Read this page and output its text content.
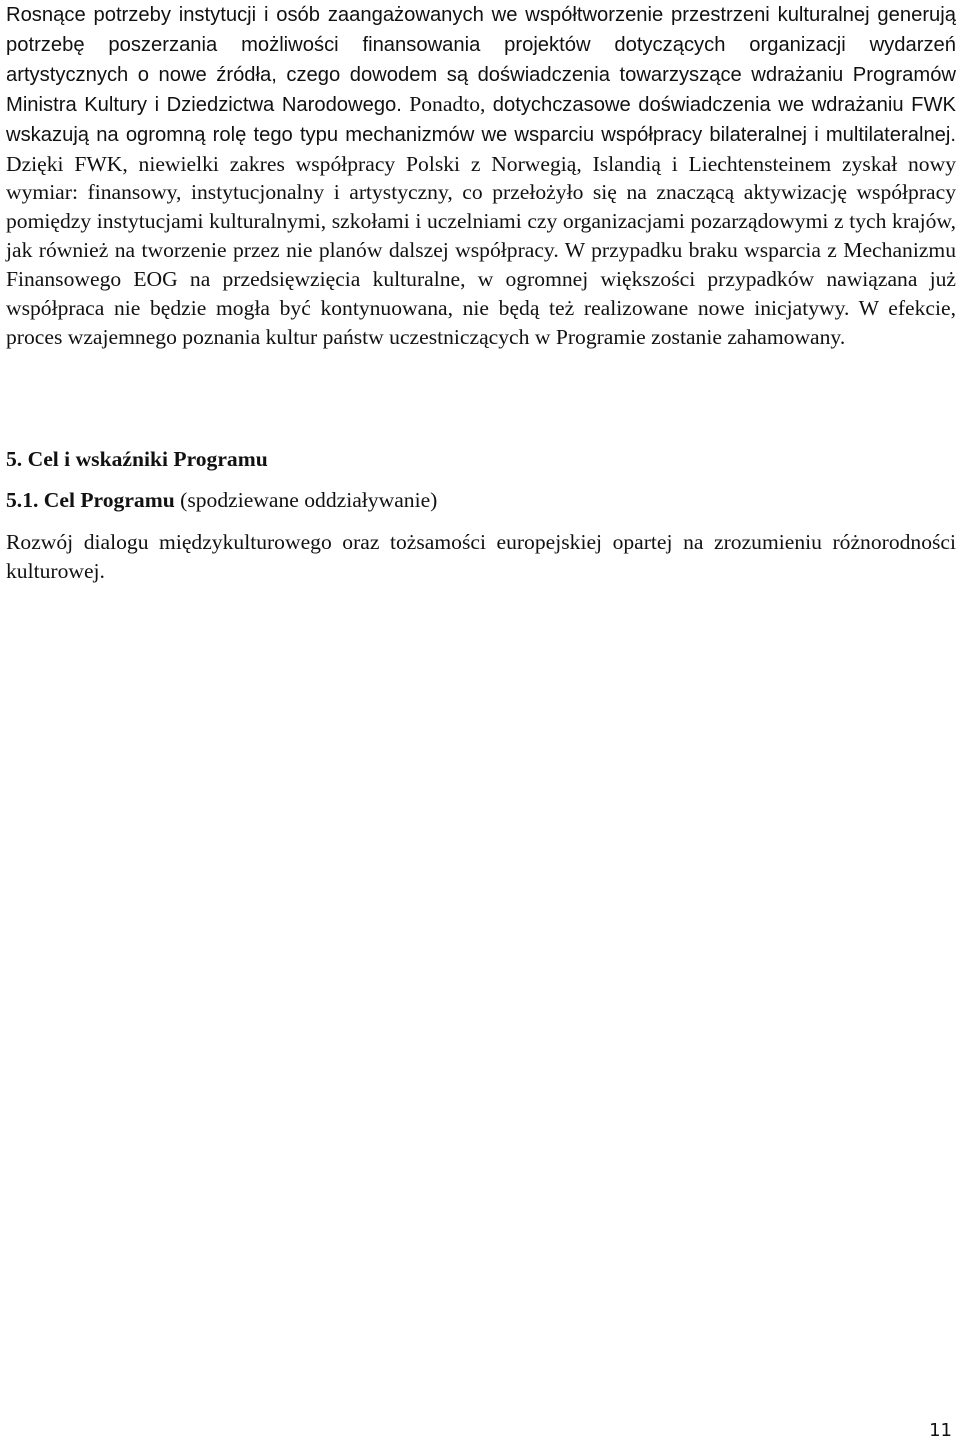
Rosnące potrzeby instytucji i osób zaangażowanych we współtworzenie przestrzeni kulturalnej generują potrzebę poszerzania możliwości finansowania projektów dotyczących organizacji wydarzeń artystycznych o nowe źródła, czego dowodem są doświadczenia towarzyszące wdrażaniu Programów Ministra Kultury i Dziedzictwa Narodowego. Ponadto, dotychczasowe doświadczenia we wdrażaniu FWK wskazują na ogromną rolę tego typu mechanizmów we wsparciu współpracy bilateralnej i multilateralnej. Dzięki FWK, niewielki zakres współpracy Polski z Norwegią, Islandią i Liechtensteinem zyskał nowy wymiar: finansowy, instytucjonalny i artystyczny, co przełożyło się na znaczącą aktywizację współpracy pomiędzy instytucjami kulturalnymi, szkołami i uczelniami czy organizacjami pozarządowymi z tych krajów, jak również na tworzenie przez nie planów dalszej współpracy. W przypadku braku wsparcia z Mechanizmu Finansowego EOG na przedsięwzięcia kulturalne, w ogromnej większości przypadków nawiązana już współpraca nie będzie mogła być kontynuowana, nie będą też realizowane nowe inicjatywy. W efekcie, proces wzajemnego poznania kultur państw uczestniczących w Programie zostanie zahamowany.

5. Cel i wskaźniki Programu

5.1. Cel Programu (spodziewane oddziaływanie)

Rozwój dialogu międzykulturowego oraz tożsamości europejskiej opartej na zrozumieniu różnorodności kulturowej.

11
